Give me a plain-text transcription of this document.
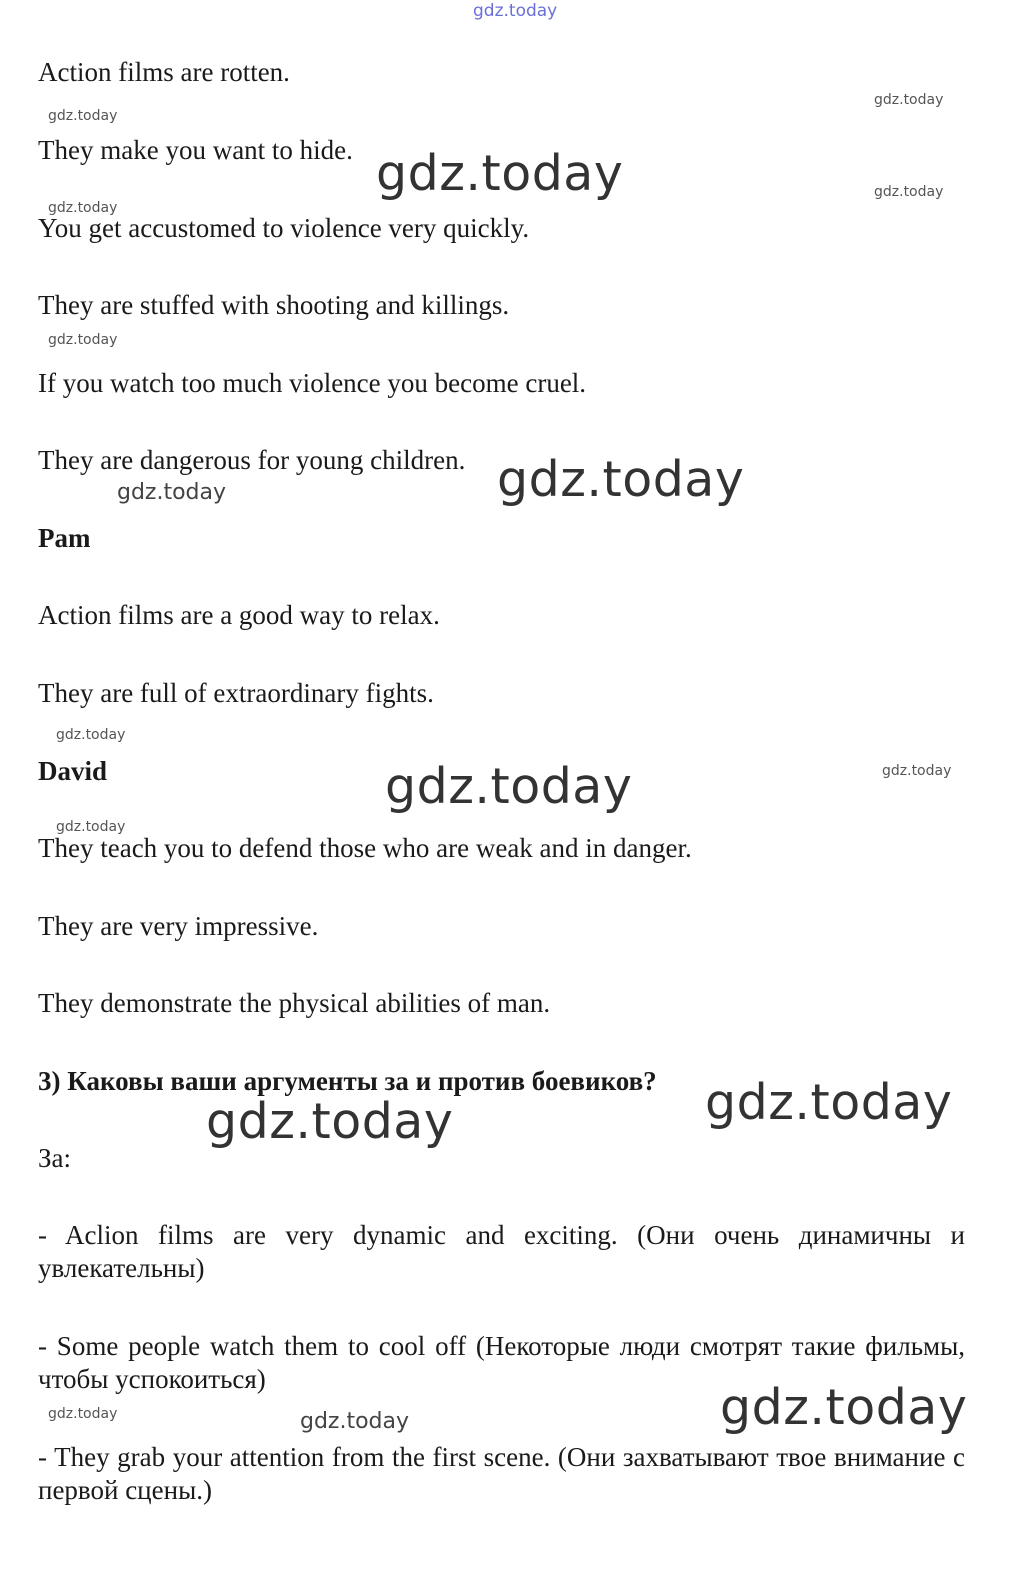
Action films are rotten.

They make you want to hide.

You get accustomed to violence very quickly.

They are stuffed with shooting and killings.

If you watch too much violence you become cruel.

They are dangerous for young children.

Pam

Action films are a good way to relax.

They are full of extraordinary fights.

David

They teach you to defend those who are weak and in danger.

They are very impressive.

They demonstrate the physical abilities of man.

3) Каковы ваши аргументы за и против боевиков?

За:

- Aclion films are very dynamic and exciting. (Они очень динамичны и увлекательны)

- Some people watch them to cool off (Некоторые люди смотрят такие фильмы, чтобы успокоиться)

- They grab your attention from the first scene. (Они захватывают твое внимание с первой сцены.)

gdz.today
gdz.today
gdz.today
gdz.today	gdz.today
gdz.today
gdz.today
gdz.today
gdz.today
gdz.today
gdz.today	gdz.today
gdz.today
gdz.today
gdz.today
gdz.today
gdz.today	gdz.today
